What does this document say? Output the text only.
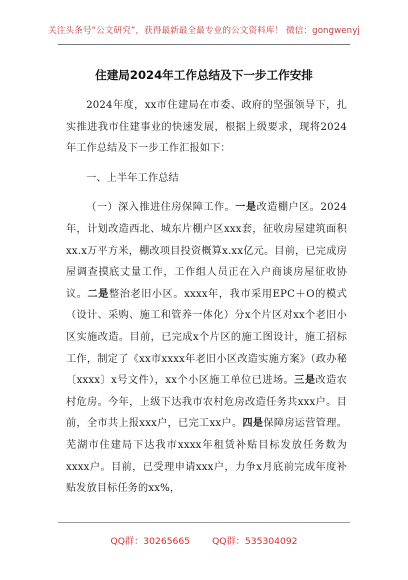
关注头条号“公文研究”，获得最新最全最专业的公文资料库！ 微信：gongwenyj
住建局2024年工作总结及下一步工作安排

2024年度，xx市住建局在市委、政府的坚强领导下，扎实推进我市住建事业的快速发展，根据上级要求，现将2024年工作总结及下一步工作汇报如下：

一、上半年工作总结

（一）深入推进住房保障工作。一是改造棚户区。2024年，计划改造西北、城东片棚户区xxx套，征收房屋建筑面积xx.x万平方米，棚改项目投资概算x.xx亿元。目前，已完成房屋调查摸底丈量工作，工作组人员正在入户商谈房屋征收协议。二是整治老旧小区。xxxx年，我市采用EPC＋O的模式（设计、采购、施工和管养一体化）分x个片区对xx个老旧小区实施改造。目前，已完成x个片区的施工图设计，施工招标工作，制定了《xx市xxxx年老旧小区改造实施方案》（政办秘〔xxxx〕x号文件），xx个小区施工单位已进场。三是改造农村危房。今年，上级下达我市农村危房改造任务共xxx户。目前，全市共上报xxx户，已完工xx户。四是保障房运营管理。芜湖市住建局下达我市xxxx年租赁补贴目标发放任务数为xxxx户。目前，已受理申请xxx户，力争x月底前完成年度补贴发放目标任务的xx%，

QQ群：30265665 QQ群：535304092
